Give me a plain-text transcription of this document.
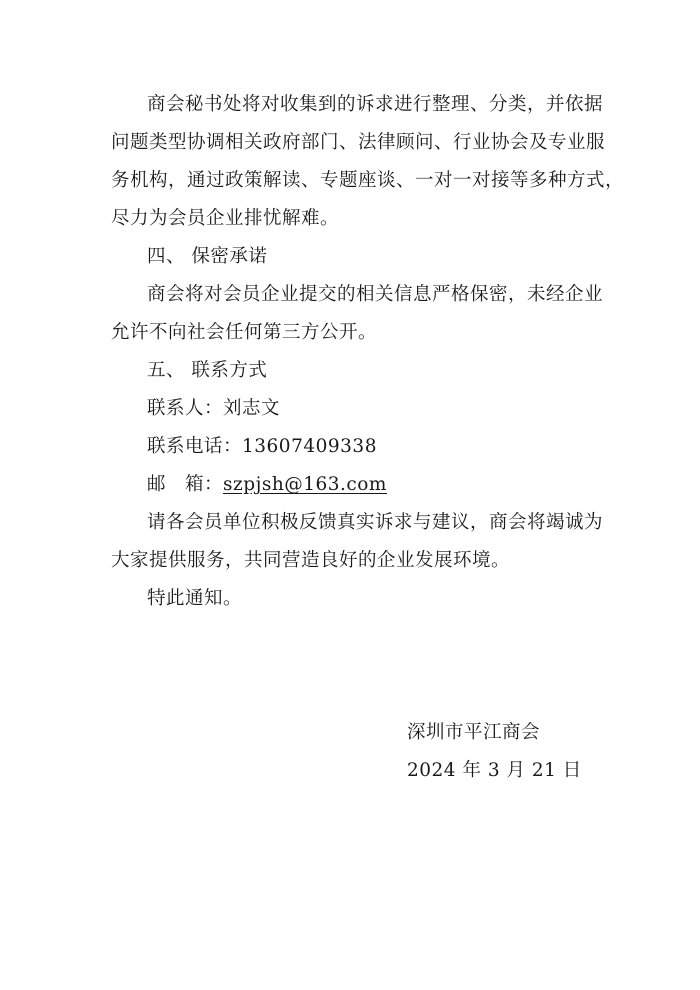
商会秘书处将对收集到的诉求进行整理、分类，并依据
问题类型协调相关政府部门、法律顾问、行业协会及专业服
务机构，通过政策解读、专题座谈、一对一对接等多种方式，
尽力为会员企业排忧解难。
四、 保密承诺
商会将对会员企业提交的相关信息严格保密，未经企业
允许不向社会任何第三方公开。
五、 联系方式
联系人：刘志文
联系电话：13607409338
邮　箱：szpjsh@163.com
请各会员单位积极反馈真实诉求与建议，商会将竭诚为
大家提供服务，共同营造良好的企业发展环境。
特此通知。
深圳市平江商会
2024 年 3 月 21 日
